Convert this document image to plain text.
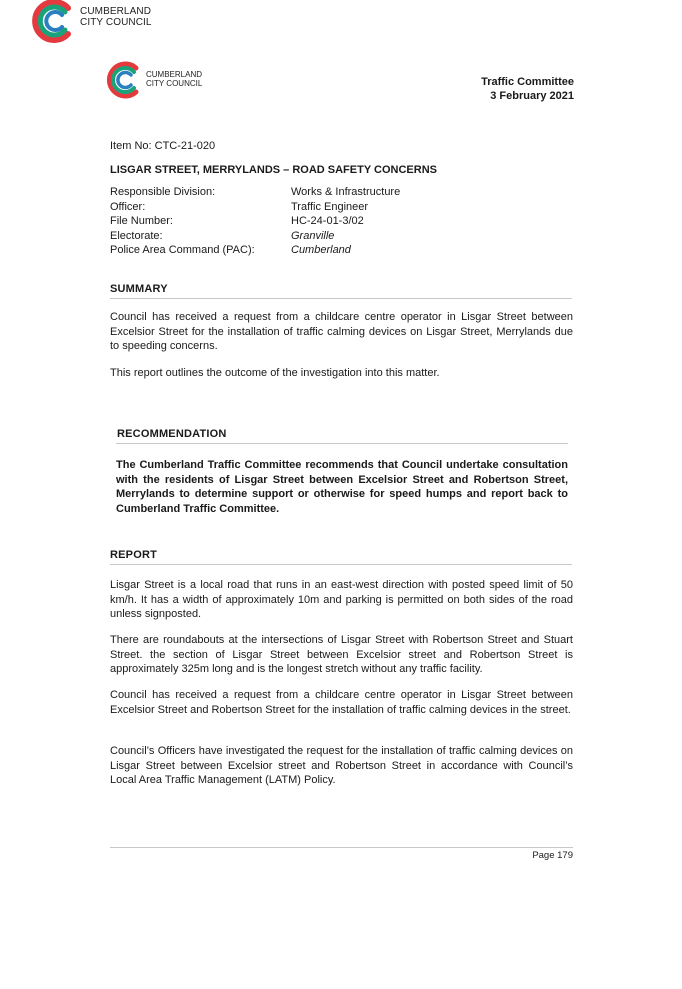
CUMBERLAND
CITY COUNCIL
CUMBERLAND
CITY COUNCIL	Traffic Committee
3 February 2021
Item No: CTC-21-020
LISGAR STREET, MERRYLANDS – ROAD SAFETY CONCERNS
Responsible Division:	Works & Infrastructure
Officer:	Traffic Engineer
File Number:	HC-24-01-3/02
Electorate:	Granville
Police Area Command (PAC):	Cumberland
SUMMARY
Council has received a request from a childcare centre operator in Lisgar Street between Excelsior Street for the installation of traffic calming devices on Lisgar Street, Merrylands due to speeding concerns.
This report outlines the outcome of the investigation into this matter.
RECOMMENDATION
The Cumberland Traffic Committee recommends that Council undertake consultation with the residents of Lisgar Street between Excelsior Street and Robertson Street, Merrylands to determine support or otherwise for speed humps and report back to Cumberland Traffic Committee.
REPORT
Lisgar Street is a local road that runs in an east-west direction with posted speed limit of 50 km/h. It has a width of approximately 10m and parking is permitted on both sides of the road unless signposted.
There are roundabouts at the intersections of Lisgar Street with Robertson Street and Stuart Street. the section of Lisgar Street between Excelsior street and Robertson Street is approximately 325m long and is the longest stretch without any traffic facility.
Council has received a request from a childcare centre operator in Lisgar Street between Excelsior Street and Robertson Street for the installation of traffic calming devices in the street.
Council’s Officers have investigated the request for the installation of traffic calming devices on Lisgar Street between Excelsior street and Robertson Street in accordance with Council’s Local Area Traffic Management (LATM) Policy.
Page 179
